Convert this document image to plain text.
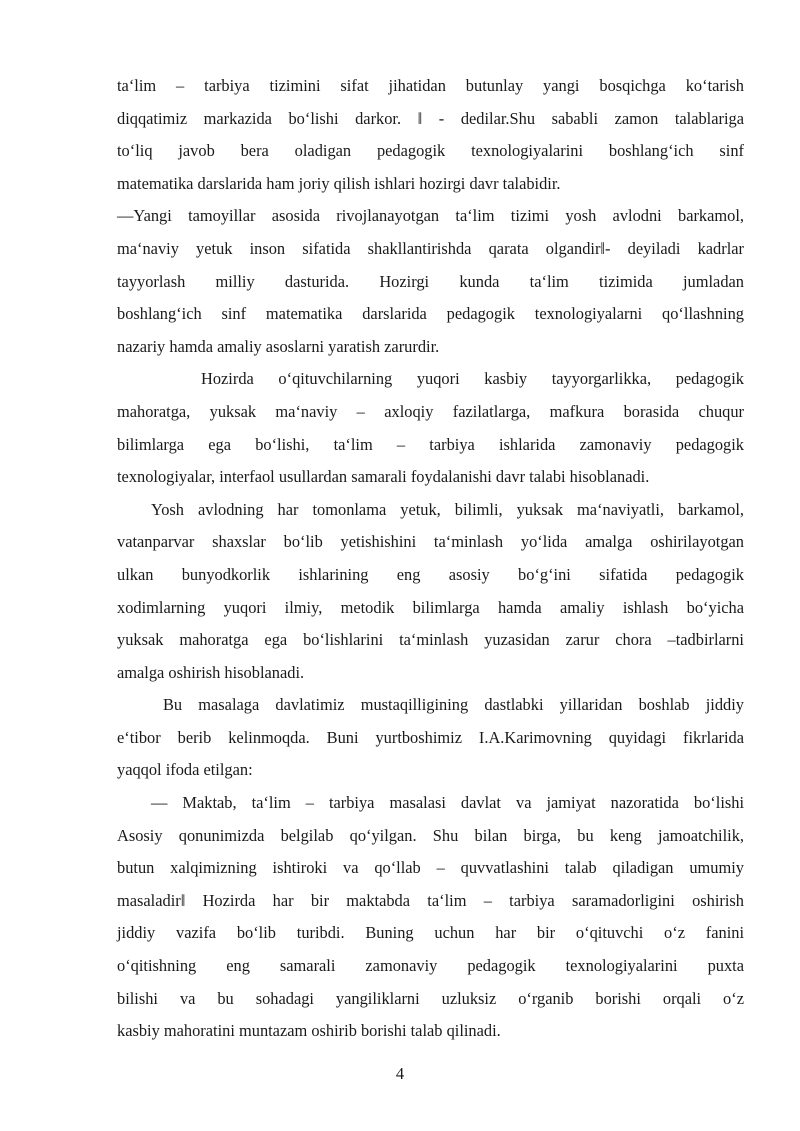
ta‘lim – tarbiya tizimini sifat jihatidan butunlay yangi bosqichga ko‘tarish
diqqatimiz markazida bo‘lishi darkor. ‖ - dedilar.Shu sababli zamon talablariga
to‘liq javob bera oladigan pedagogik texnologiyalarini boshlang‘ich sinf
matematika darslarida ham joriy qilish ishlari hozirgi davr talabidir.
―Yangi tamoyillar asosida rivojlanayotgan ta‘lim tizimi yosh avlodni barkamol,
ma‘naviy yetuk inson sifatida shakllantirishda qarata olgandir‖- deyiladi kadrlar
tayyorlash milliy dasturida. Hozirgi kunda ta‘lim tizimida jumladan
boshlang‘ich sinf matematika darslarida pedagogik texnologiyalarni qo‘llashning
nazariy hamda amaliy asoslarni yaratish zarurdir.
Hozirda o‘qituvchilarning yuqori kasbiy tayyorgarlikka, pedagogik
mahoratga, yuksak ma‘naviy – axloqiy fazilatlarga, mafkura borasida chuqur
bilimlarga ega bo‘lishi, ta‘lim – tarbiya ishlarida zamonaviy pedagogik
texnologiyalar, interfaol usullardan samarali foydalanishi davr talabi hisoblanadi.
Yosh avlodning har tomonlama yetuk, bilimli, yuksak ma‘naviyatli, barkamol,
vatanparvar shaxslar bo‘lib yetishishini ta‘minlash yo‘lida amalga oshirilayotgan
ulkan bunyodkorlik ishlarining eng asosiy bo‘g‘ini sifatida pedagogik
xodimlarning yuqori ilmiy, metodik bilimlarga hamda amaliy ishlash bo‘yicha
yuksak mahoratga ega bo‘lishlarini ta‘minlash yuzasidan zarur chora –tadbirlarni
amalga oshirish hisoblanadi.
Bu masalaga davlatimiz mustaqilligining dastlabki yillaridan boshlab jiddiy
e‘tibor berib kelinmoqda. Buni yurtboshimiz I.A.Karimovning quyidagi fikrlarida
yaqqol ifoda etilgan:
― Maktab, ta‘lim – tarbiya masalasi davlat va jamiyat nazoratida bo‘lishi
Asosiy qonunimizda belgilab qo‘yilgan. Shu bilan birga, bu keng jamoatchilik,
butun xalqimizning ishtiroki va qo‘llab – quvvatlashini talab qiladigan umumiy
masaladir‖ Hozirda har bir maktabda ta‘lim – tarbiya saramadorligini oshirish
jiddiy vazifa bo‘lib turibdi. Buning uchun har bir o‘qituvchi o‘z fanini
o‘qitishning eng samarali zamonaviy pedagogik texnologiyalarini puxta
bilishi va bu sohadagi yangiliklarni uzluksiz o‘rganib borishi orqali o‘z
kasbiy mahoratini muntazam oshirib borishi talab qilinadi.
4
